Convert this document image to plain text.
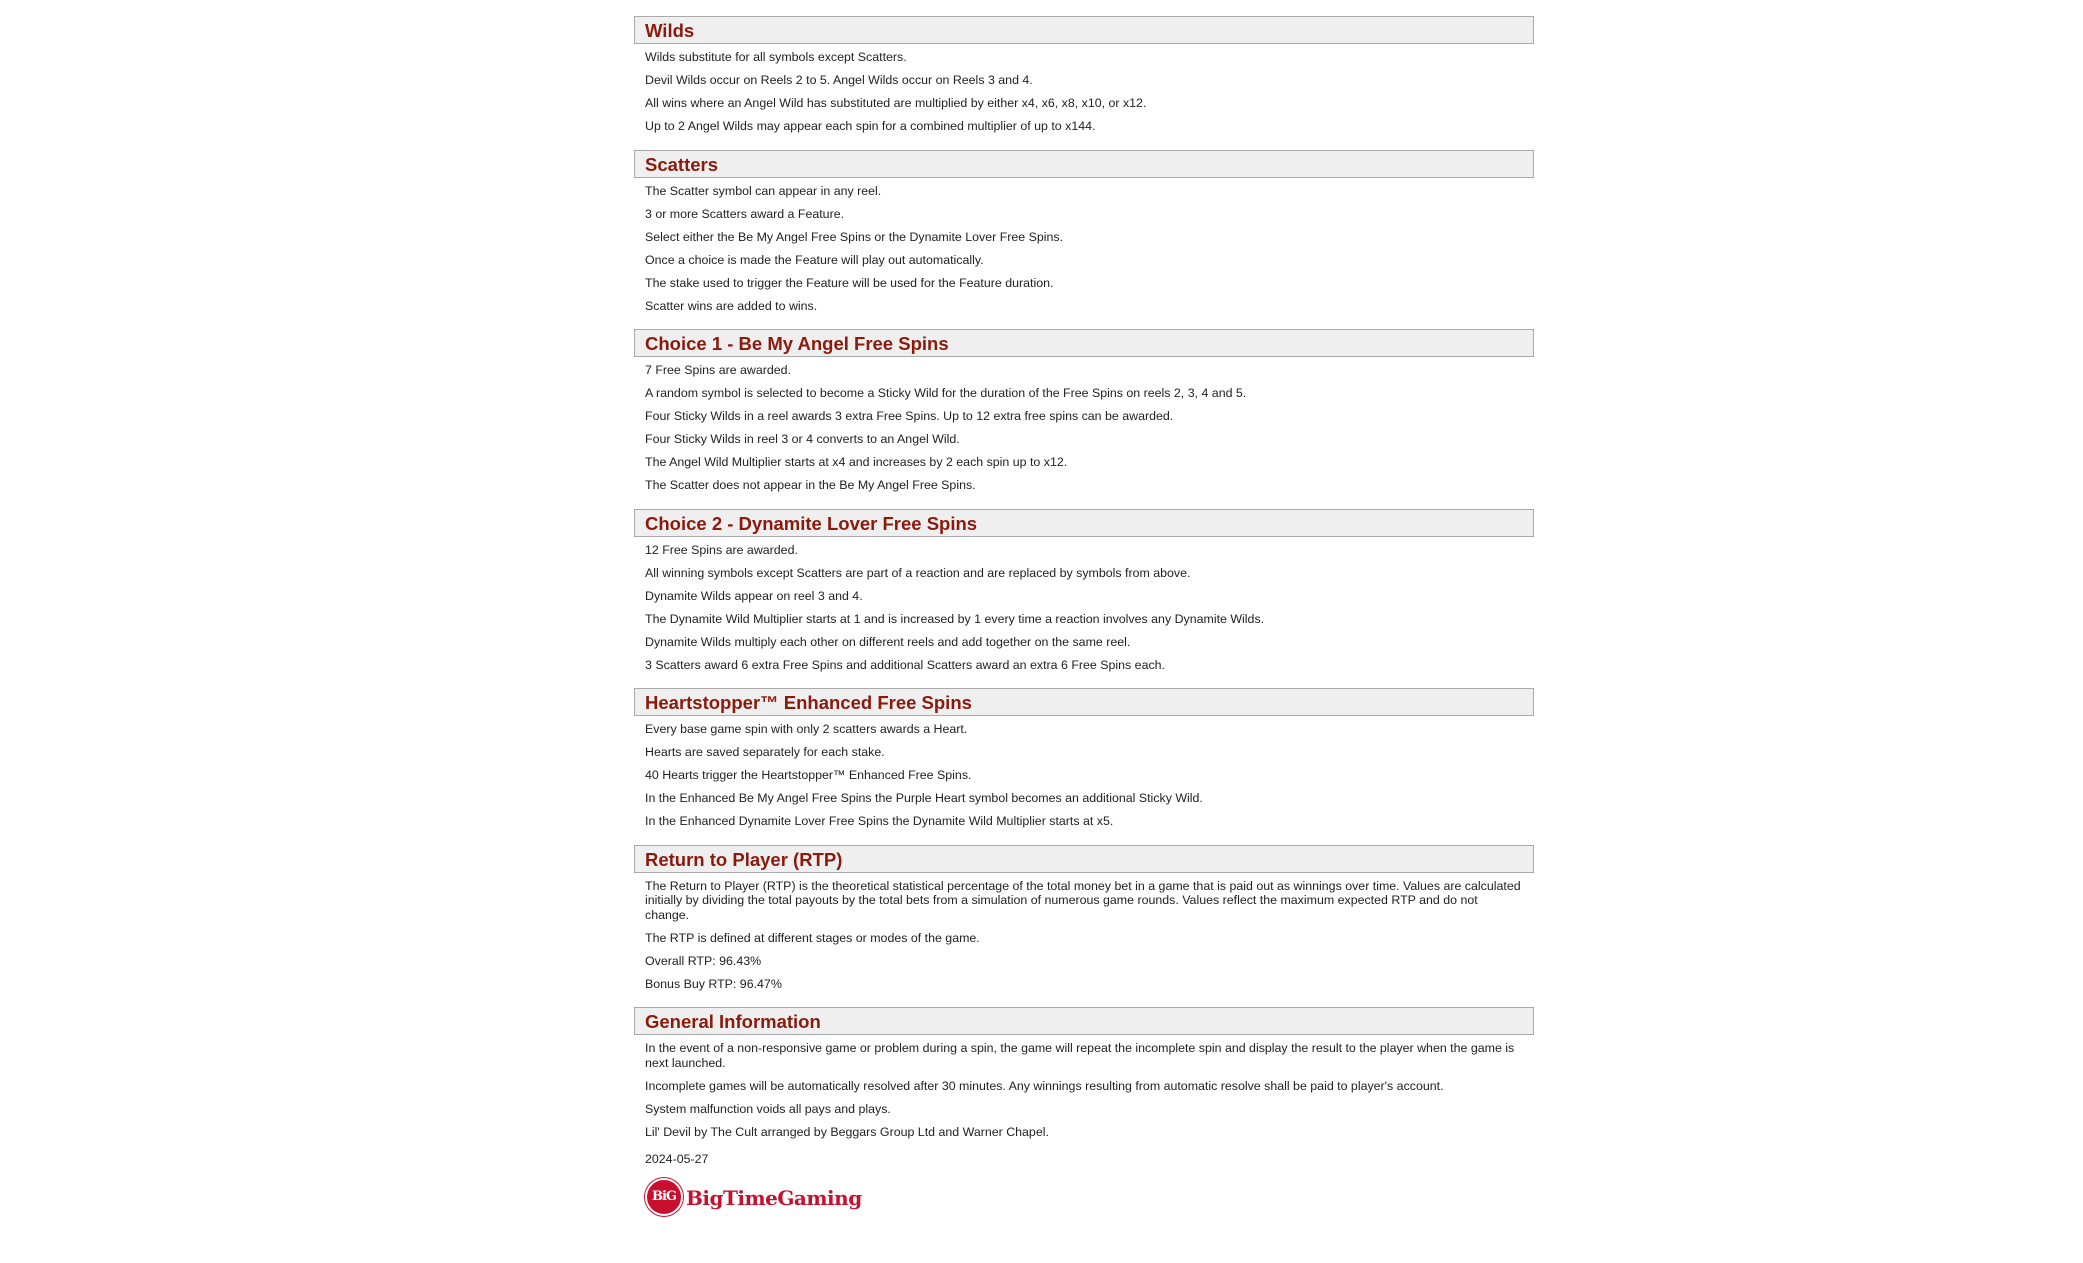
Wilds

Wilds substitute for all symbols except Scatters.

Devil Wilds occur on Reels 2 to 5. Angel Wilds occur on Reels 3 and 4.

All wins where an Angel Wild has substituted are multiplied by either x4, x6, x8, x10, or x12.

Up to 2 Angel Wilds may appear each spin for a combined multiplier of up to x144.

Scatters

The Scatter symbol can appear in any reel.

3 or more Scatters award a Feature.

Select either the Be My Angel Free Spins or the Dynamite Lover Free Spins.

Once a choice is made the Feature will play out automatically.

The stake used to trigger the Feature will be used for the Feature duration.

Scatter wins are added to wins.

Choice 1 - Be My Angel Free Spins

7 Free Spins are awarded.

A random symbol is selected to become a Sticky Wild for the duration of the Free Spins on reels 2, 3, 4 and 5.

Four Sticky Wilds in a reel awards 3 extra Free Spins. Up to 12 extra free spins can be awarded.

Four Sticky Wilds in reel 3 or 4 converts to an Angel Wild.

The Angel Wild Multiplier starts at x4 and increases by 2 each spin up to x12.

The Scatter does not appear in the Be My Angel Free Spins.

Choice 2 - Dynamite Lover Free Spins

12 Free Spins are awarded.

All winning symbols except Scatters are part of a reaction and are replaced by symbols from above.

Dynamite Wilds appear on reel 3 and 4.

The Dynamite Wild Multiplier starts at 1 and is increased by 1 every time a reaction involves any Dynamite Wilds.

Dynamite Wilds multiply each other on different reels and add together on the same reel.

3 Scatters award 6 extra Free Spins and additional Scatters award an extra 6 Free Spins each.

Heartstopper™ Enhanced Free Spins

Every base game spin with only 2 scatters awards a Heart.

Hearts are saved separately for each stake.

40 Hearts trigger the Heartstopper™ Enhanced Free Spins.

In the Enhanced Be My Angel Free Spins the Purple Heart symbol becomes an additional Sticky Wild.

In the Enhanced Dynamite Lover Free Spins the Dynamite Wild Multiplier starts at x5.

Return to Player (RTP)

The Return to Player (RTP) is the theoretical statistical percentage of the total money bet in a game that is paid out as winnings over time. Values are calculated initially by dividing the total payouts by the total bets from a simulation of numerous game rounds. Values reflect the maximum expected RTP and do not change.

The RTP is defined at different stages or modes of the game.

Overall RTP: 96.43%

Bonus Buy RTP: 96.47%

General Information

In the event of a non-responsive game or problem during a spin, the game will repeat the incomplete spin and display the result to the player when the game is next launched.

Incomplete games will be automatically resolved after 30 minutes. Any winnings resulting from automatic resolve shall be paid to player's account.

System malfunction voids all pays and plays.

Lil' Devil by The Cult arranged by Beggars Group Ltd and Warner Chapel.

2024-05-27

BiG BigTimeGaming
